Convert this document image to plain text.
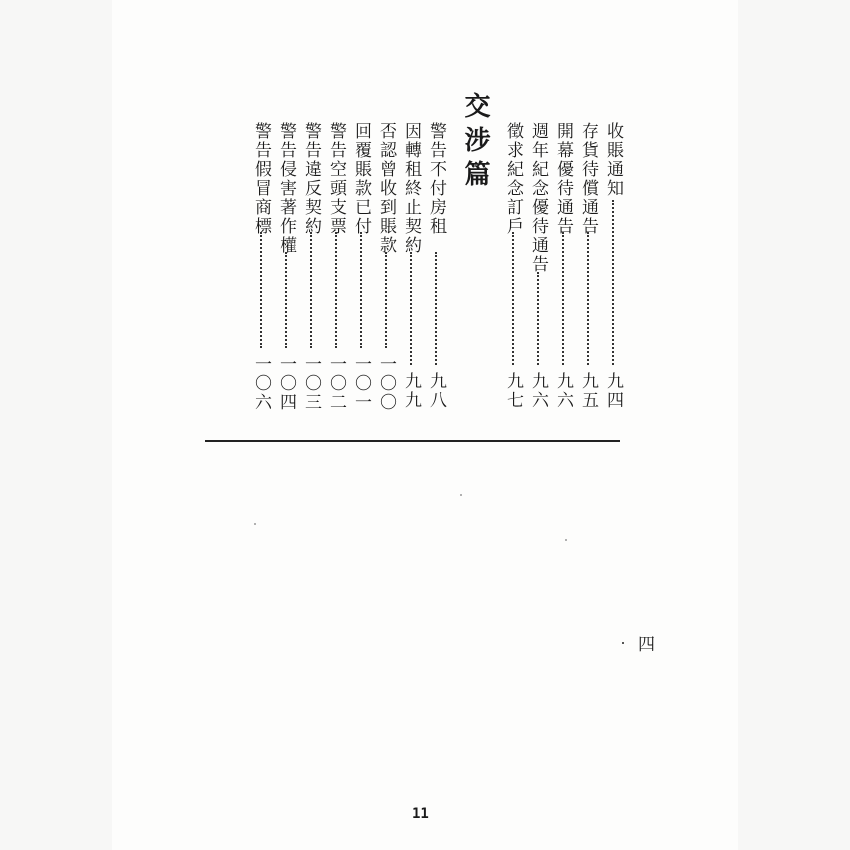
交涉篇	收賬通知
九四
存貨待償通告
九五
開幕優待通告
九六
週年紀念優待通告
九六
徵求紀念訂戶
九七
警告不付房租
九八
因轉租終止契約
九九
否認曾收到賬款
一〇〇
回覆賬款已付
一〇一
警告空頭支票
一〇二
警告違反契約
一〇三
警告侵害著作權
一〇四
警告假冒商標
一〇六
四
11
